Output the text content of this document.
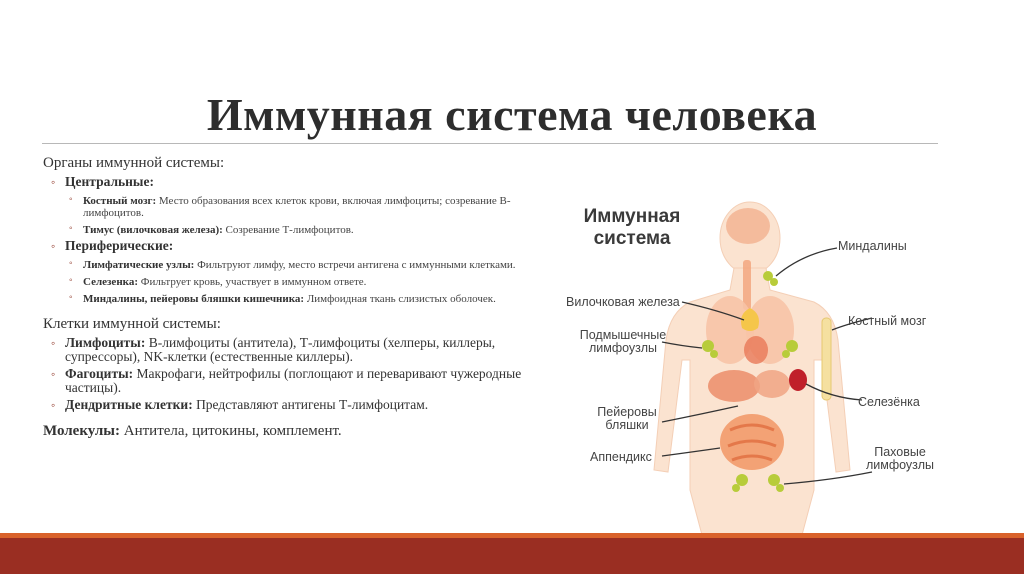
Иммунная система человека
Органы иммунной системы:
◦ Центральные:
◦ Костный мозг: Место образования всех клеток крови, включая лимфоциты; созревание В-лимфоцитов.
◦ Тимус (вилочковая железа): Созревание Т-лимфоцитов.
◦ Периферические:
◦ Лимфатические узлы: Фильтруют лимфу, место встречи антигена с иммунными клетками.
◦ Селезенка: Фильтрует кровь, участвует в иммунном ответе.
◦ Миндалины, пейеровы бляшки кишечника: Лимфоидная ткань слизистых оболочек.
Клетки иммунной системы:
◦ Лимфоциты: В-лимфоциты (антитела), Т-лимфоциты (хелперы, киллеры, супрессоры), NK-клетки (естественные киллеры).
◦ Фагоциты: Макрофаги, нейтрофилы (поглощают и переваривают чужеродные частицы).
◦ Дендритные клетки: Представляют антигены Т-лимфоцитам.
Молекулы: Антитела, цитокины, комплемент.
Иммунная
система	Миндалины
Вилочковая железа
Подмышечные
лимфоузлы
Костный мозг
Селезёнка
Пейеровы
бляшки
Аппендикс	Паховые
лимфоузлы
